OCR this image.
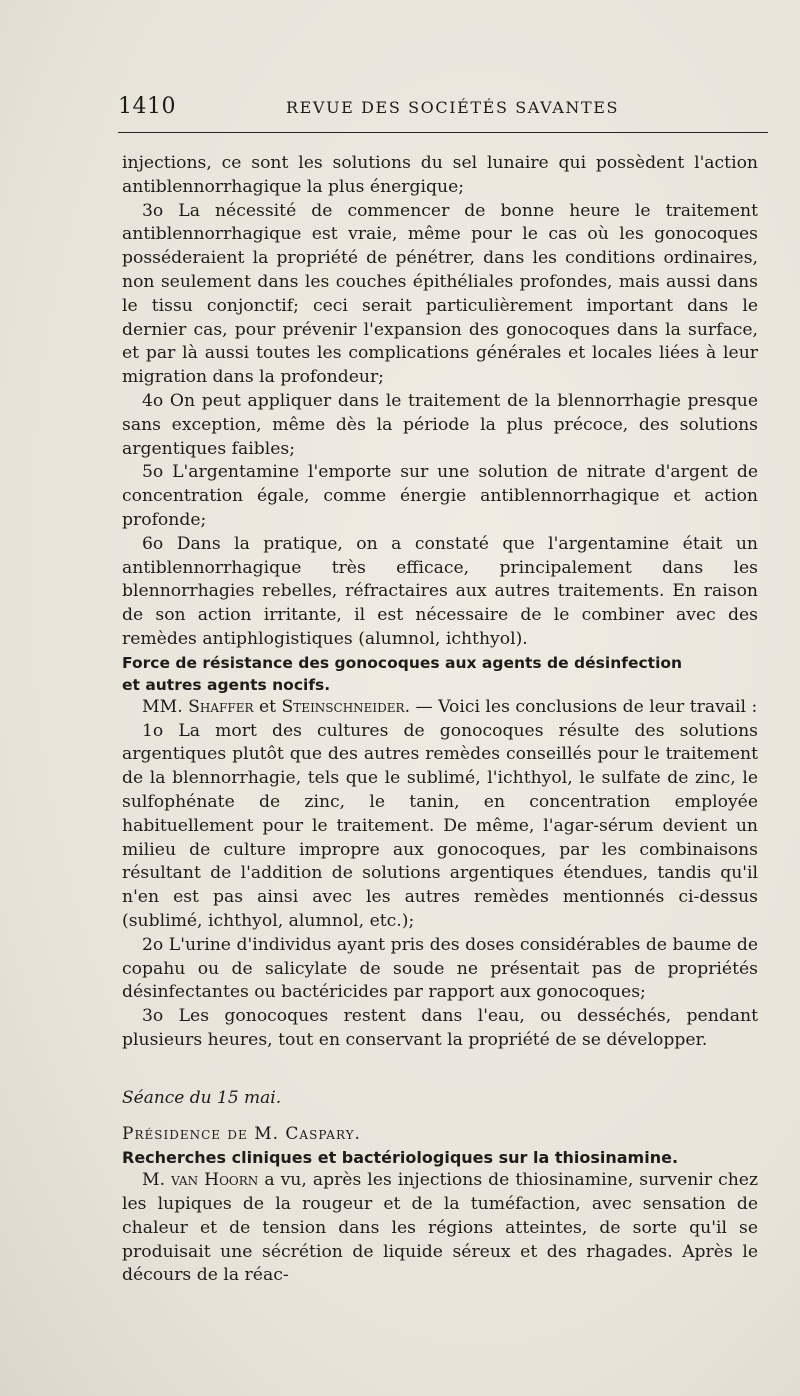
1410	REVUE DES SOCIÉTÉS SAVANTES

injections, ce sont les solutions du sel lunaire qui possèdent l'action antiblennorrhagique la plus énergique;

3o La nécessité de commencer de bonne heure le traitement antiblennorrhagique est vraie, même pour le cas où les gonocoques posséderaient la propriété de pénétrer, dans les conditions ordinaires, non seulement dans les couches épithéliales profondes, mais aussi dans le tissu conjonctif; ceci serait particulièrement important dans le dernier cas, pour prévenir l'expansion des gonocoques dans la surface, et par là aussi toutes les complications générales et locales liées à leur migration dans la profondeur;

4o On peut appliquer dans le traitement de la blennorrhagie presque sans exception, même dès la période la plus précoce, des solutions argentiques faibles;

5o L'argentamine l'emporte sur une solution de nitrate d'argent de concentration égale, comme énergie antiblennorrhagique et action profonde;

6o Dans la pratique, on a constaté que l'argentamine était un antiblennorrhagique très efficace, principalement dans les blennorrhagies rebelles, réfractaires aux autres traitements. En raison de son action irritante, il est nécessaire de le combiner avec des remèdes antiphlogistiques (alumnol, ichthyol).

Force de résistance des gonocoques aux agents de désinfection
et autres agents nocifs.

MM. Shaffer et Steinschneider. — Voici les conclusions de leur travail :

1o La mort des cultures de gonocoques résulte des solutions argentiques plutôt que des autres remèdes conseillés pour le traitement de la blennorrhagie, tels que le sublimé, l'ichthyol, le sulfate de zinc, le sulfophénate de zinc, le tanin, en concentration employée habituellement pour le traitement. De même, l'agar-sérum devient un milieu de culture impropre aux gonocoques, par les combinaisons résultant de l'addition de solutions argentiques étendues, tandis qu'il n'en est pas ainsi avec les autres remèdes mentionnés ci-dessus (sublimé, ichthyol, alumnol, etc.);

2o L'urine d'individus ayant pris des doses considérables de baume de copahu ou de salicylate de soude ne présentait pas de propriétés désinfectantes ou bactéricides par rapport aux gonocoques;

3o Les gonocoques restent dans l'eau, ou desséchés, pendant plusieurs heures, tout en conservant la propriété de se développer.

Séance du 15 mai.

Présidence de M. Caspary.

Recherches cliniques et bactériologiques sur la thiosinamine.

M. van Hoorn a vu, après les injections de thiosinamine, survenir chez les lupiques de la rougeur et de la tuméfaction, avec sensation de chaleur et de tension dans les régions atteintes, de sorte qu'il se produisait une sécrétion de liquide séreux et des rhagades. Après le décours de la réac-
